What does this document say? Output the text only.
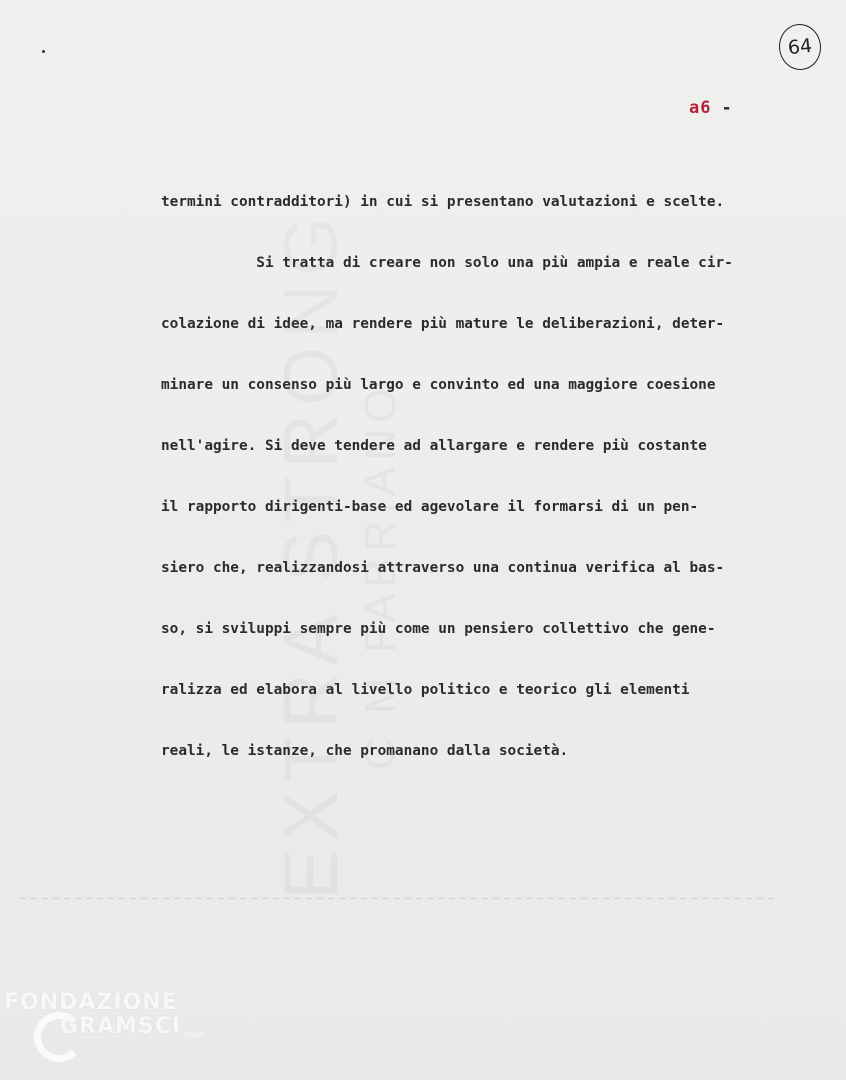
64
a6 -

termini contradditori) in cui si presentano valutazioni e scelte.

Si tratta di creare non solo una più ampia e reale cir-

colazione di idee, ma rendere più mature le deliberazioni, deter-

minare un consenso più largo e convinto ed una maggiore coesione

nell'agire. Si deve tendere ad allargare e rendere più costante

il rapporto dirigenti-base ed agevolare il formarsi di un pen-

siero che, realizzandosi attraverso una continua verifica al bas-

so, si sviluppi sempre più come un pensiero collettivo che gene-

ralizza ed elabora al livello politico e teorico gli elementi

reali, le istanze, che promanano dalla società.

EXTRA STRONG C M FABRIANO
FONDAZIONE
GRAMSCI onlus
